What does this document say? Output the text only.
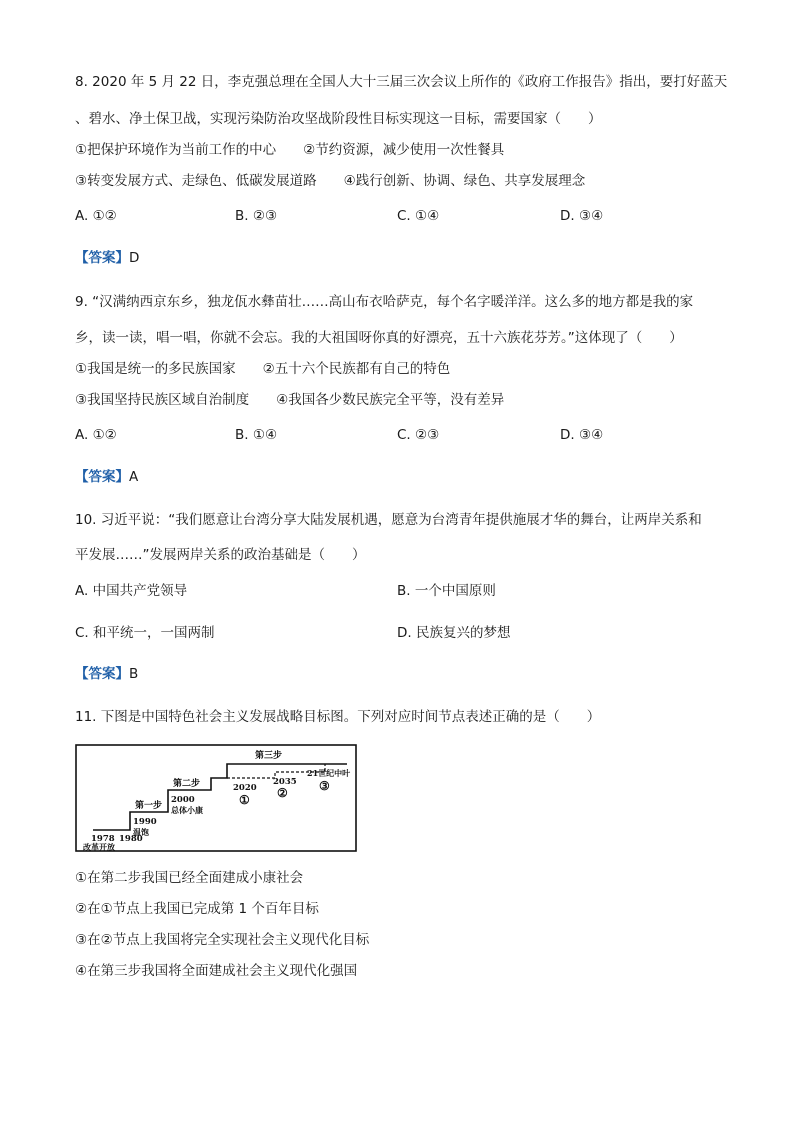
8. 2020 年 5 月 22 日，李克强总理在全国人大十三届三次会议上所作的《政府工作报告》指出，要打好蓝天
、碧水、净土保卫战，实现污染防治攻坚战阶段性目标实现这一目标，需要国家（　　）
①把保护环境作为当前工作的中心　　②节约资源，减少使用一次性餐具
③转变发展方式、走绿色、低碳发展道路　　④践行创新、协调、绿色、共享发展理念
A. ①②	B. ②③	C. ①④	D. ③④
【答案】D
9. “汉满纳西京东乡，独龙佤水彝苗壮……高山布衣哈萨克，每个名字暖洋洋。这么多的地方都是我的家
乡，读一读，唱一唱，你就不会忘。我的大祖国呀你真的好漂亮，五十六族花芬芳。”这体现了（　　）
①我国是统一的多民族国家　　②五十六个民族都有自己的特色
③我国坚持民族区域自治制度　　④我国各少数民族完全平等，没有差异
A. ①②	B. ①④	C. ②③	D. ③④
【答案】A
10. 习近平说：“我们愿意让台湾分享大陆发展机遇，愿意为台湾青年提供施展才华的舞台，让两岸关系和
平发展……”发展两岸关系的政治基础是（　　）
A. 中国共产党领导	B. 一个中国原则
C. 和平统一，一国两制	D. 民族复兴的梦想
【答案】B
11. 下图是中国特色社会主义发展战略目标图。下列对应时间节点表述正确的是（　　）
第一步
第二步
第三步
1978 1980
1990
2000
2020
2035
21世纪中叶
改革开放
温饱
总体小康
① ②	③
①在第二步我国已经全面建成小康社会
②在①节点上我国已完成第 1 个百年目标
③在②节点上我国将完全实现社会主义现代化目标
④在第三步我国将全面建成社会主义现代化强国
